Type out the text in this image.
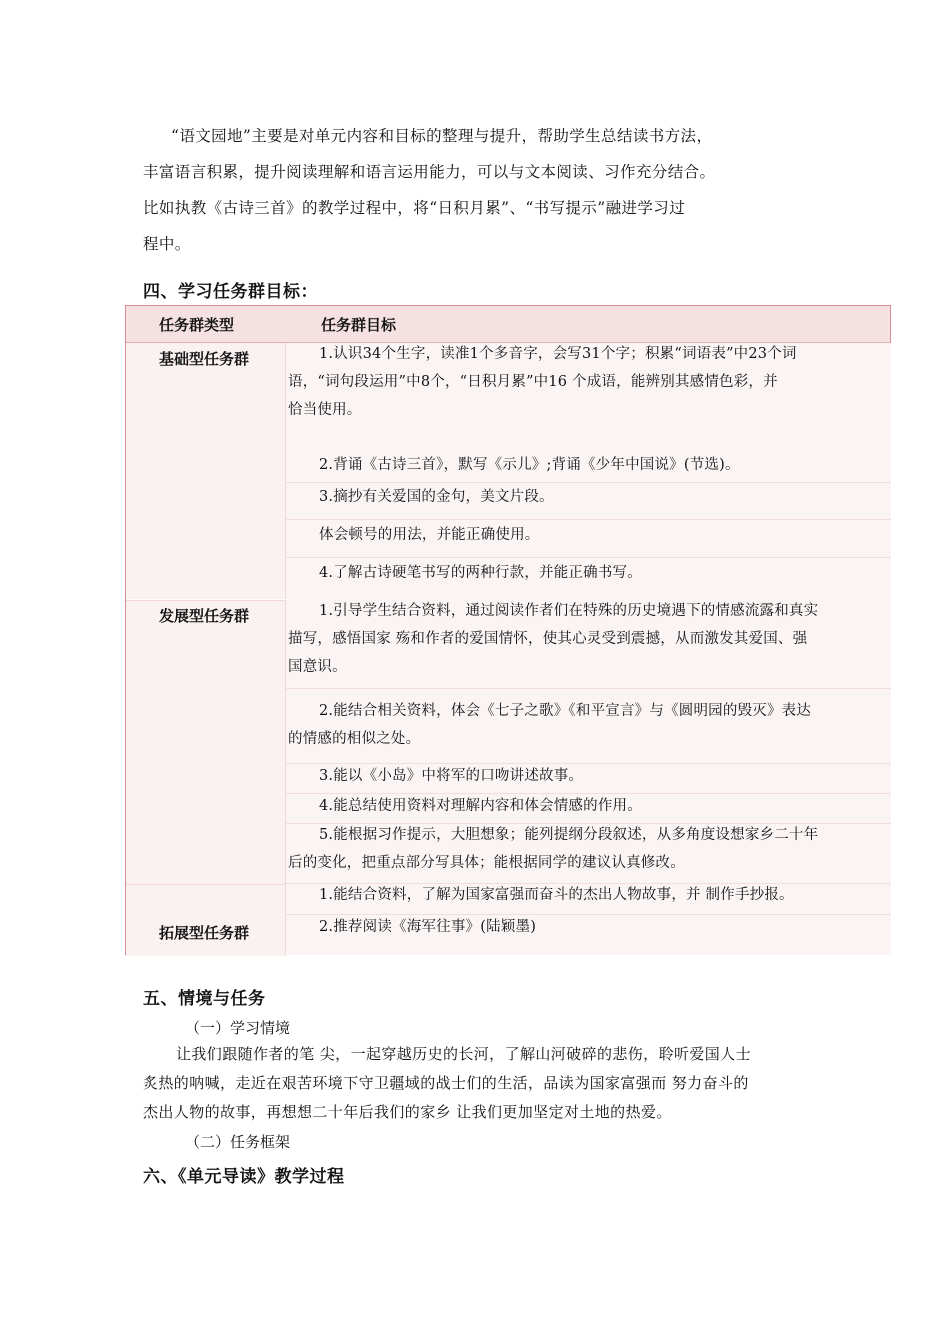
“语文园地”主要是对单元内容和目标的整理与提升，帮助学生总结读书方法，
丰富语言积累，提升阅读理解和语言运用能力，可以与文本阅读、习作充分结合。
比如执教《古诗三首》的教学过程中，将“日积月累”、“书写提示”融进学习过
程中。
四、学习任务群目标：
任务群类型	任务群目标
基础型任务群
发展型任务群
拓展型任务群
1.认识34个生字，读准1个多音字，会写31个字；积累“词语表”中23个词
语，“词句段运用”中8个，“日积月累”中16 个成语，能辨别其感情色彩，并
恰当使用。
2.背诵《古诗三首》，默写《示儿》;背诵《少年中国说》(节选)。
3.摘抄有关爱国的金句，美文片段。
体会顿号的用法，并能正确使用。
4.了解古诗硬笔书写的两种行款，并能正确书写。
1.引导学生结合资料，通过阅读作者们在特殊的历史境遇下的情感流露和真实
描写，感悟国家 殇和作者的爱国情怀，使其心灵受到震撼，从而激发其爱国、强
国意识。
2.能结合相关资料，体会《七子之歌》《和平宣言》与《圆明园的毁灭》表达
的情感的相似之处。
3.能以《小岛》中将军的口吻讲述故事。
4.能总结使用资料对理解内容和体会情感的作用。
5.能根据习作提示，大胆想象；能列提纲分段叙述，从多角度设想家乡二十年
后的变化，把重点部分写具体；能根据同学的建议认真修改。
1.能结合资料，了解为国家富强而奋斗的杰出人物故事，并 制作手抄报。
2.推荐阅读《海军往事》(陆颖墨)
五、情境与任务
（一）学习情境
让我们跟随作者的笔 尖，一起穿越历史的长河，了解山河破碎的悲伤，聆听爱国人士
炙热的呐喊，走近在艰苦环境下守卫疆域的战士们的生活，品读为国家富强而 努力奋斗的
杰出人物的故事，再想想二十年后我们的家乡 让我们更加坚定对土地的热爱。
（二）任务框架
六、《单元导读》教学过程
